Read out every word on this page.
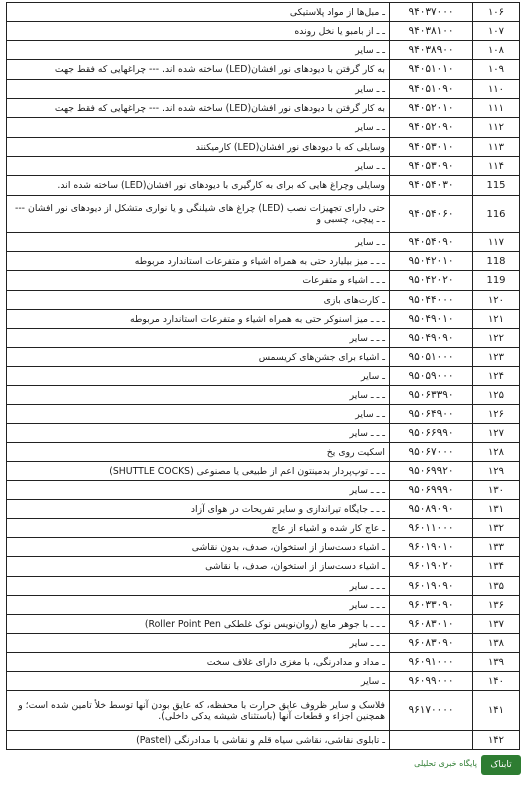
۱۰۶	۹۴۰۳۷۰۰۰	ـ مبل‌ها از مواد پلاستیکی

۱۰۷	۹۴۰۳۸۱۰۰	ـ ـ از بامبو یا نخل رونده

۱۰۸	۹۴۰۳۸۹۰۰	ـ ـ سایر

۱۰۹	۹۴۰۵۱۰۱۰	به کار گرفتن با دیودهای نور افشان(LED) ساخته شده اند. --- چراغهایی که فقط جهت

۱۱۰	۹۴۰۵۱۰۹۰	ـ ـ سایر

۱۱۱	۹۴۰۵۲۰۱۰	به کار گرفتن با دیودهای نور افشان(LED) ساخته شده اند. --- چراغهایی که فقط جهت

۱۱۲	۹۴۰۵۲۰۹۰	ـ ـ سایر

۱۱۳	۹۴۰۵۳۰۱۰	وسایلی که با دیودهای نور افشان(LED) کارمیکنند

۱۱۴	۹۴۰۵۳۰۹۰	ـ ـ سایر

115	۹۴۰۵۴۰۳۰	وسایلی وچراغ هایی که برای به کارگیری با دیودهای نور افشان(LED) ساخته شده اند.

116	۹۴۰۵۴۰۶۰	حتی دارای تجهیزات نصب (LED) چراغ های شیلنگی و یا نواری متشکل از دیودهای نور افشان ---
ـ ـ پیچی، چسبی و

۱۱۷	۹۴۰۵۴۰۹۰	ـ ـ سایر

118	۹۵۰۴۲۰۱۰	ـ ـ ـ میز بیلیارد حتی به همراه اشیاء و متفرعات استاندارد مربوطه

119	۹۵۰۴۲۰۲۰	ـ ـ ـ اشیاء و متفرعات

۱۲۰	۹۵۰۴۴۰۰۰	ـ کارت‌های بازی

۱۲۱	۹۵۰۴۹۰۱۰	ـ ـ ـ میز اسنوکر حتی به همراه اشیاء و متفرعات استاندارد مربوطه

۱۲۲	۹۵۰۴۹۰۹۰	ـ ـ ـ سایر

۱۲۳	۹۵۰۵۱۰۰۰	ـ اشیاء برای جشن‌های کریسمس

۱۲۴	۹۵۰۵۹۰۰۰	ـ سایر

۱۲۵	۹۵۰۶۳۳۹۰	ـ ـ ـ سایر

۱۲۶	۹۵۰۶۴۹۰۰	ـ ـ سایر

۱۲۷	۹۵۰۶۶۹۹۰	ـ ـ ـ سایر

۱۲۸	۹۵۰۶۷۰۰۰	اسکیت روی یخ

۱۲۹	۹۵۰۶۹۹۲۰	ـ ـ ـ توپ‌پردار بدمینتون اعم از طبیعی یا مصنوعی (SHUTTLE COCKS)

۱۳۰	۹۵۰۶۹۹۹۰	ـ ـ ـ سایر

۱۳۱	۹۵۰۸۹۰۹۰	ـ ـ ـ جایگاه تیراندازی و سایر تفریحات در هوای آزاد

۱۳۲	۹۶۰۱۱۰۰۰	ـ عاج کار شده و اشیاء از عاج

۱۳۳	۹۶۰۱۹۰۱۰	ـ اشیاء دست‌ساز از استخوان، صدف، بدون نقاشی

۱۳۴	۹۶۰۱۹۰۲۰	ـ اشیاء دست‌ساز از استخوان، صدف، با نقاشی

۱۳۵	۹۶۰۱۹۰۹۰	ـ ـ ـ سایر

۱۳۶	۹۶۰۳۳۰۹۰	ـ ـ ـ سایر

۱۳۷	۹۶۰۸۳۰۱۰	ـ ـ ـ با جوهر مایع (روان‌نویس نوک غلطکی Roller Point Pen)

۱۳۸	۹۶۰۸۳۰۹۰	ـ ـ ـ سایر

۱۳۹	۹۶۰۹۱۰۰۰	ـ مداد و مدادرنگی، با مغزی دارای غلاف سخت

۱۴۰	۹۶۰۹۹۰۰۰	ـ سایر

۱۴۱	۹۶۱۷۰۰۰۰	فلاسک و سایر ظروف عایق حرارت با محفظه، که عایق بودن آنها توسط خلأ تامین شده است؛ و
همچنین اجزاء و قطعات آنها (باستثنای شیشه یدکی داخلی).

۱۴۲		ـ تابلوی نقاشی، نقاشی سیاه قلم و نقاشی با مدادرنگی (Pastel)
تابناک
پایگاه خبری تحلیلی
